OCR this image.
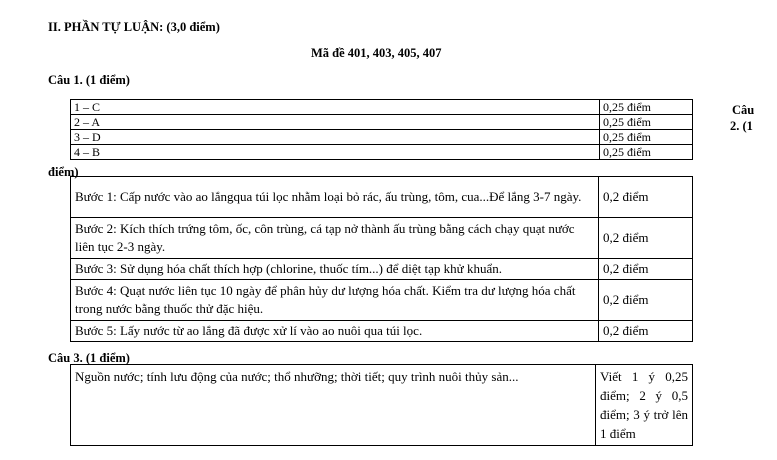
II. PHẦN TỰ LUẬN: (3,0 điểm)
Mã đề 401, 403, 405, 407
Câu 1. (1 điểm)
1 – C	0,25 điểm
2 – A	0,25 điểm
3 – D	0,25 điểm
4 – B	0,25 điểm
Câu
2. (1
điểm)
Bước 1: Cấp nước vào ao lắngqua túi lọc nhằm loại bỏ rác, ấu trùng, tôm, cua...Để lắng 3-7 ngày.	0,2 điểm
Bước 2: Kích thích trứng tôm, ốc, côn trùng, cá tạp nở thành ấu trùng bằng cách chạy quạt nước liên tục 2-3 ngày.	0,2 điểm
Bước 3: Sử dụng hóa chất thích hợp (chlorine, thuốc tím...) để diệt tạp khử khuẩn.	0,2 điểm
Bước 4: Quạt nước liên tục 10 ngày để phân hủy dư lượng hóa chất. Kiểm tra dư lượng hóa chất trong nước bằng thuốc thử đặc hiệu.	0,2 điểm
Bước 5: Lấy nước từ ao lắng đã được xử lí vào ao nuôi qua túi lọc.	0,2 điểm
Câu 3. (1 điểm)
Nguồn nước; tính lưu động của nước; thổ nhưỡng; thời tiết; quy trình nuôi thủy sản...	Viết 1 ý 0,25 điểm; 2 ý 0,5 điểm; 3 ý trở lên 1 điểm
